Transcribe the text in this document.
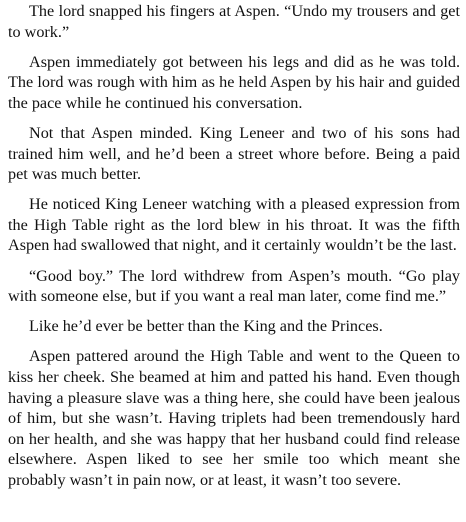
The lord snapped his fingers at Aspen. “Undo my trousers and get to work.”

Aspen immediately got between his legs and did as he was told. The lord was rough with him as he held Aspen by his hair and guided the pace while he continued his conversation.

Not that Aspen minded. King Leneer and two of his sons had trained him well, and he’d been a street whore before. Being a paid pet was much better.

He noticed King Leneer watching with a pleased expression from the High Table right as the lord blew in his throat. It was the fifth Aspen had swallowed that night, and it certainly wouldn’t be the last.

“Good boy.” The lord withdrew from Aspen’s mouth. “Go play with someone else, but if you want a real man later, come find me.”

Like he’d ever be better than the King and the Princes.

Aspen pattered around the High Table and went to the Queen to kiss her cheek. She beamed at him and patted his hand. Even though having a pleasure slave was a thing here, she could have been jealous of him, but she wasn’t. Having triplets had been tremendously hard on her health, and she was happy that her husband could find release elsewhere. Aspen liked to see her smile too which meant she probably wasn’t in pain now, or at least, it wasn’t too severe.
